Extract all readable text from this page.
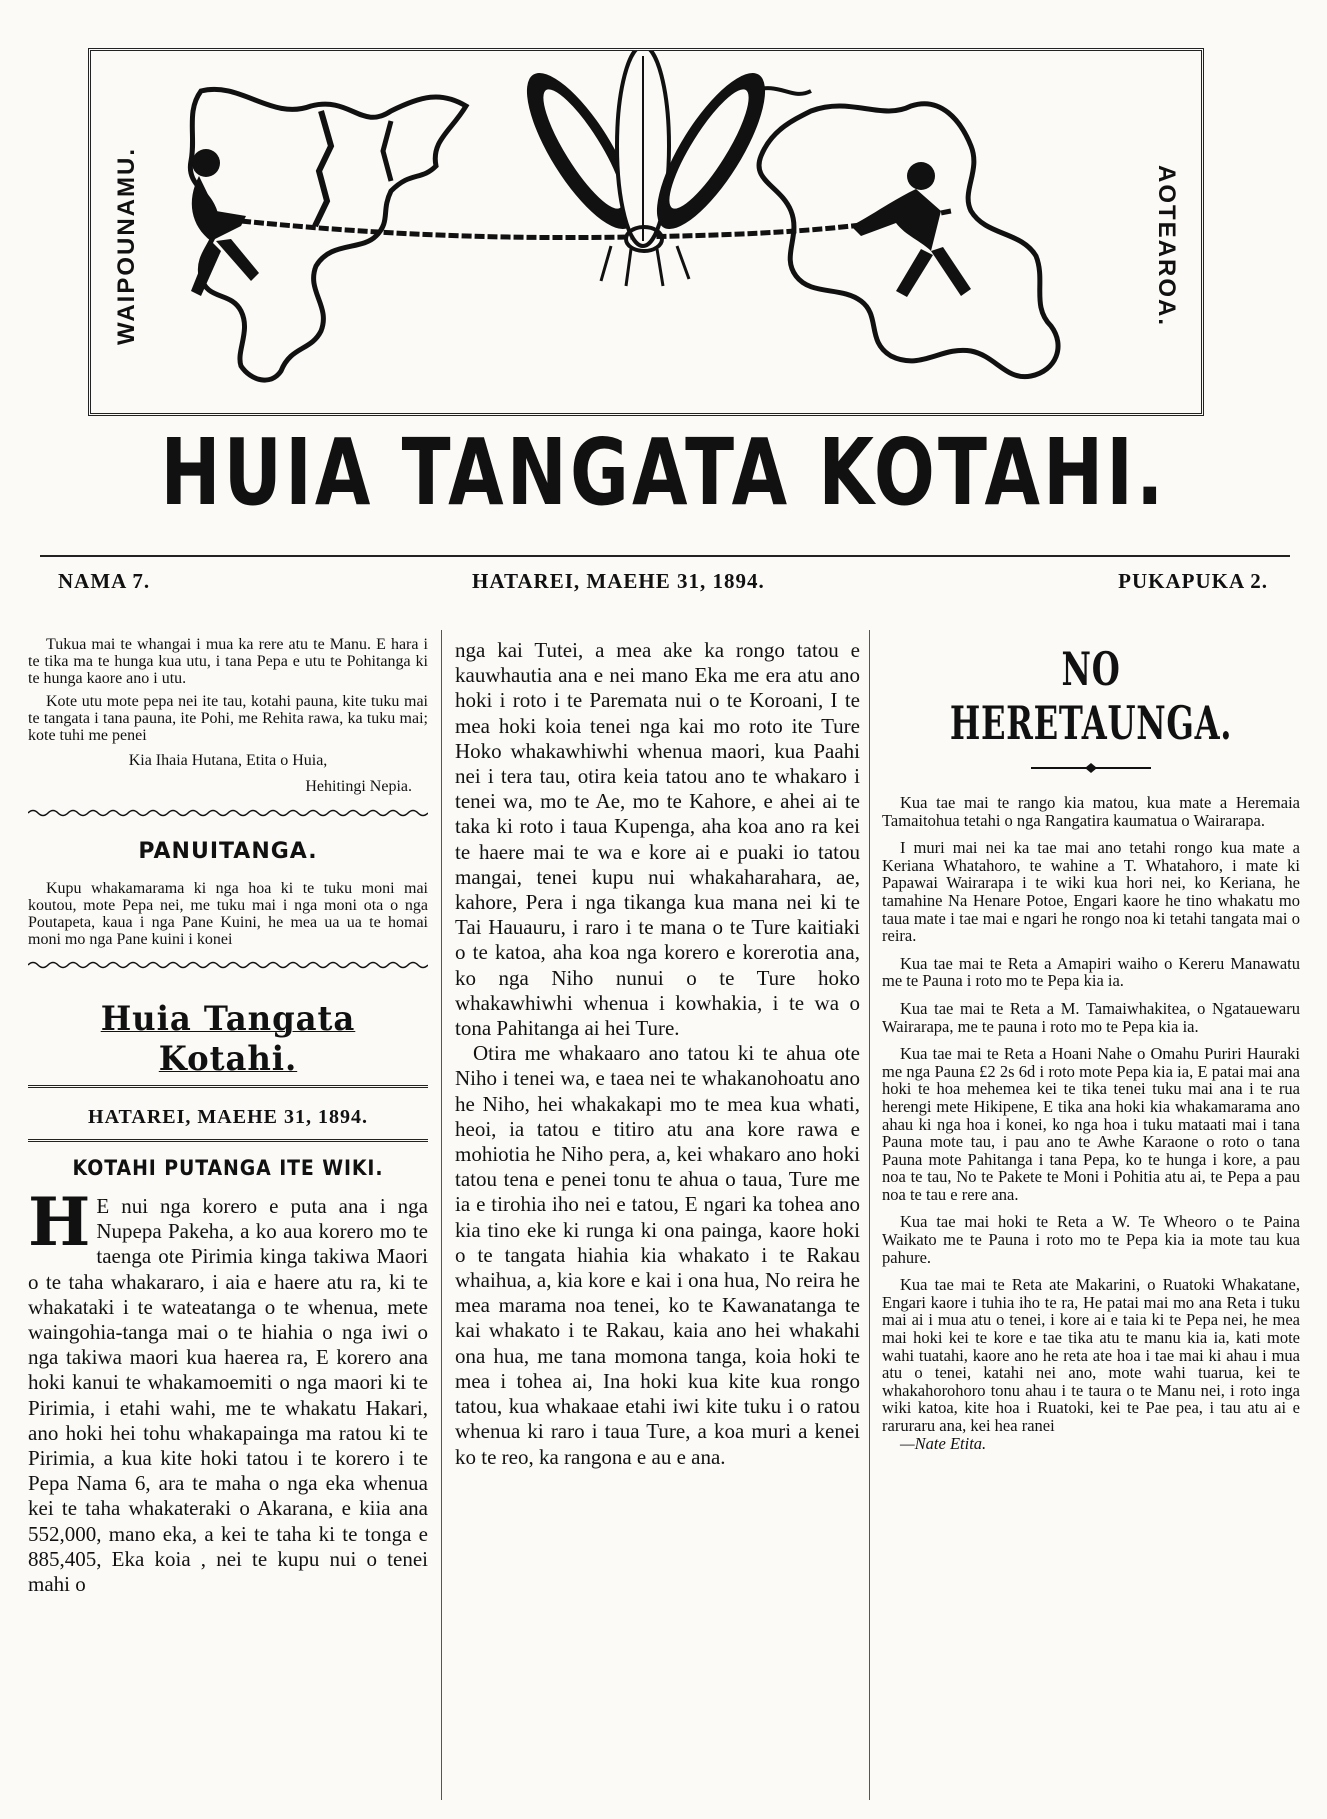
WAIPOUNAMU.	AOTEAROA.
HUIA TANGATA KOTAHI.
NAMA 7.	HATAREI, MAEHE 31, 1894.	PUKAPUKA 2.

Tukua mai te whangai i mua ka rere atu te Manu. E hara i te tika ma te hunga kua utu, i tana Pepa e utu te Pohitanga ki te hunga kaore ano i utu.

Kote utu mote pepa nei ite tau, kotahi pauna, kite tuku mai te tangata i tana pauna, ite Pohi, me Rehita rawa, ka tuku mai; kote tuhi me penei

Kia Ihaia Hutana, Etita o Huia,

Hehitingi Nepia.

PANUITANGA.

Kupu whakamarama ki nga hoa ki te tuku moni mai koutou, mote Pepa nei, me tuku mai i nga moni ota o nga Poutapeta, kaua i nga Pane Kuini, he mea ua ua te homai moni mo nga Pane kuini i konei

Huia Tangata Kotahi.
HATAREI, MAEHE 31, 1894.
KOTAHI PUTANGA ITE WIKI.

H E nui nga korero e puta ana i nga Nupepa Pakeha, a ko aua korero mo te taenga ote Pirimia kinga takiwa Maori o te taha whakararo, i aia e haere atu ra, ki te whakataki i te wateatanga o te whenua, mete waingohia-tanga mai o te hiahia o nga iwi o nga takiwa maori kua haerea ra, E korero ana hoki kanui te whakamoemiti o nga maori ki te Pirimia, i etahi wahi, me te whakatu Hakari, ano hoki hei tohu whakapainga ma ratou ki te Pirimia, a kua kite hoki tatou i te korero i te Pepa Nama 6, ara te maha o nga eka whenua kei te taha whakateraki o Akarana, e kiia ana 552,000, mano eka, a kei te taha ki te tonga e 885,405, Eka koia , nei te kupu nui o tenei mahi o

nga kai Tutei, a mea ake ka rongo tatou e kauwhautia ana e nei mano Eka me era atu ano hoki i roto i te Paremata nui o te Koroani, I te mea hoki koia tenei nga kai mo roto ite Ture Hoko whakawhiwhi whenua maori, kua Paahi nei i tera tau, otira keia tatou ano te whakaro i tenei wa, mo te Ae, mo te Kahore, e ahei ai te taka ki roto i taua Kupenga, aha koa ano ra kei te haere mai te wa e kore ai e puaki io tatou mangai, tenei kupu nui whakaharahara, ae, kahore, Pera i nga tikanga kua mana nei ki te Tai Hauauru, i raro i te mana o te Ture kaitiaki o te katoa, aha koa nga korero e korerotia ana, ko nga Niho nunui o te Ture hoko whakawhiwhi whenua i kowhakia, i te wa o tona Pahitanga ai hei Ture.

Otira me whakaaro ano tatou ki te ahua ote Niho i tenei wa, e taea nei te whakanohoatu ano he Niho, hei whakakapi mo te mea kua whati, heoi, ia tatou e titiro atu ana kore rawa e mohiotia he Niho pera, a, kei whakaro ano hoki tatou tena e penei tonu te ahua o taua, Ture me ia e tirohia iho nei e tatou, E ngari ka tohea ano kia tino eke ki runga ki ona painga, kaore hoki o te tangata hiahia kia whakato i te Rakau whaihua, a, kia kore e kai i ona hua, No reira he mea marama noa tenei, ko te Kawanatanga te kai whakato i te Rakau, kaia ano hei whakahi ona hua, me tana momona tanga, koia hoki te mea i tohea ai, Ina hoki kua kite kua rongo tatou, kua whakaae etahi iwi kite tuku i o ratou whenua ki raro i taua Ture, a koa muri a kenei ko te reo, ka rangona e au e ana.

NO HERETAUNGA.

Kua tae mai te rango kia matou, kua mate a Heremaia Tamaitohua tetahi o nga Rangatira kaumatua o Wairarapa.

I muri mai nei ka tae mai ano tetahi rongo kua mate a Keriana Whatahoro, te wahine a T. Whatahoro, i mate ki Papawai Wairarapa i te wiki kua hori nei, ko Keriana, he tamahine Na Henare Potoe, Engari kaore he tino whakatu mo taua mate i tae mai e ngari he rongo noa ki tetahi tangata mai o reira.

Kua tae mai te Reta a Amapiri waiho o Kereru Manawatu me te Pauna i roto mo te Pepa kia ia.

Kua tae mai te Reta a M. Tamaiwhakitea, o Ngatauewaru Wairarapa, me te pauna i roto mo te Pepa kia ia.

Kua tae mai te Reta a Hoani Nahe o Omahu Puriri Hauraki me nga Pauna £2 2s 6d i roto mote Pepa kia ia, E patai mai ana hoki te hoa mehemea kei te tika tenei tuku mai ana i te rua herengi mete Hikipene, E tika ana hoki kia whakamarama ano ahau ki nga hoa i konei, ko nga hoa i tuku mataati mai i tana Pauna mote tau, i pau ano te Awhe Karaone o roto o tana Pauna mote Pahitanga i tana Pepa, ko te hunga i kore, a pau noa te tau, No te Pakete te Moni i Pohitia atu ai, te Pepa a pau noa te tau e rere ana.

Kua tae mai hoki te Reta a W. Te Wheoro o te Paina Waikato me te Pauna i roto mo te Pepa kia ia mote tau kua pahure.

Kua tae mai te Reta ate Makarini, o Ruatoki Whakatane, Engari kaore i tuhia iho te ra, He patai mai mo ana Reta i tuku mai ai i mua atu o tenei, i kore ai e taia ki te Pepa nei, he mea mai hoki kei te kore e tae tika atu te manu kia ia, kati mote wahi tuatahi, kaore ano he reta ate hoa i tae mai ki ahau i mua atu o tenei, katahi nei ano, mote wahi tuarua, kei te whakahorohoro tonu ahau i te taura o te Manu nei, i roto inga wiki katoa, kite hoa i Ruatoki, kei te Pae pea, i tau atu ai e raruraru ana, kei hea ranei

—Nate Etita.
